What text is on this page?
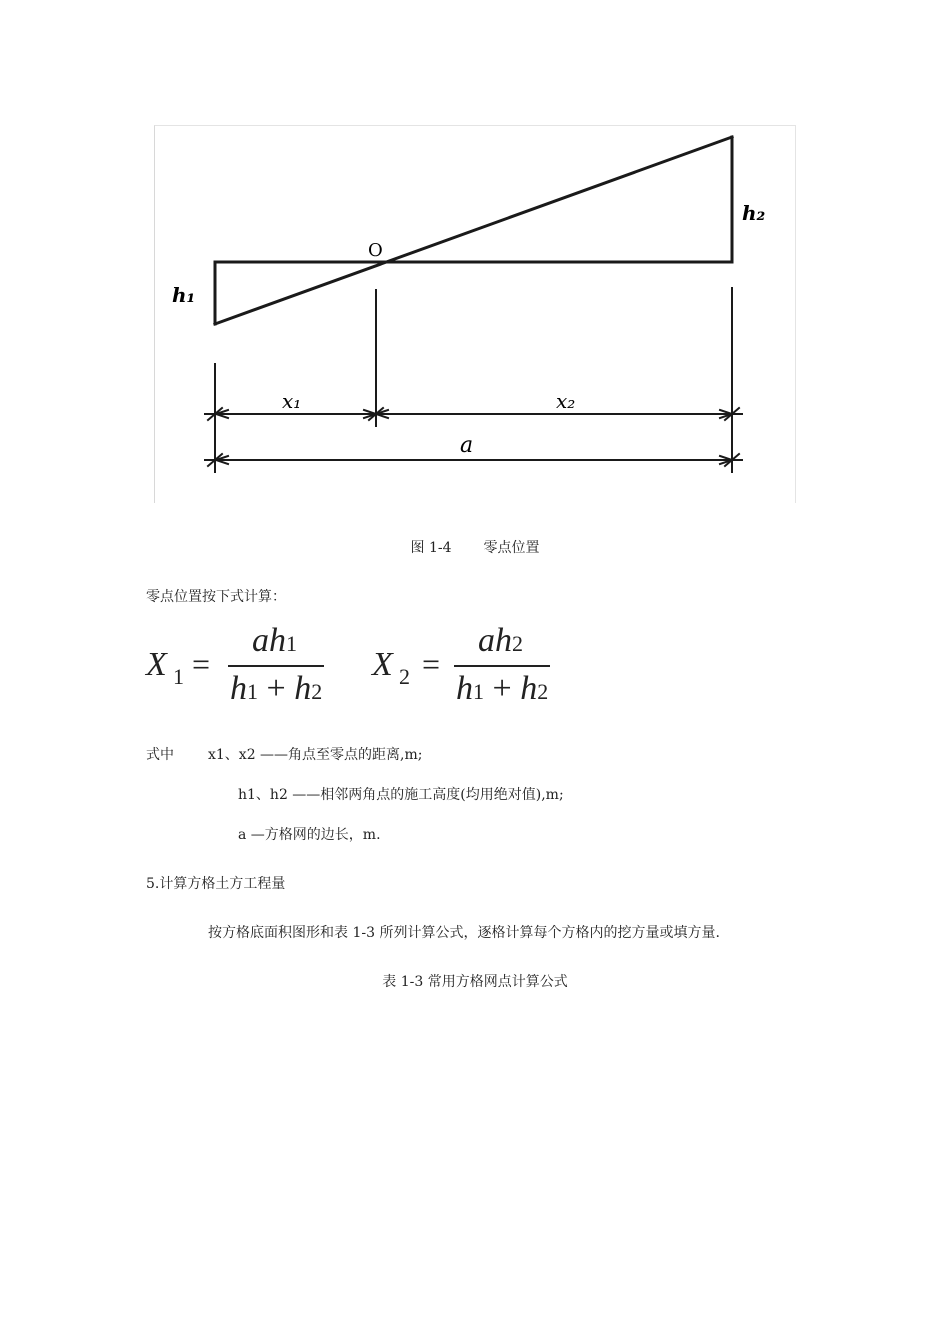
h₁
h₂
O
x₁	x₂
a
图 1-4 零点位置
零点位置按下式计算：
X 1 =
ah1
h1 + h2
X 2 =
ah2
h1 + h2
式中 x1、x2 ——角点至零点的距离,m;
h1、h2 ——相邻两角点的施工高度(均用绝对值),m;
a —方格网的边长，m.
5.计算方格土方工程量
按方格底面积图形和表 1-3 所列计算公式，逐格计算每个方格内的挖方量或填方量.
表 1-3 常用方格网点计算公式
